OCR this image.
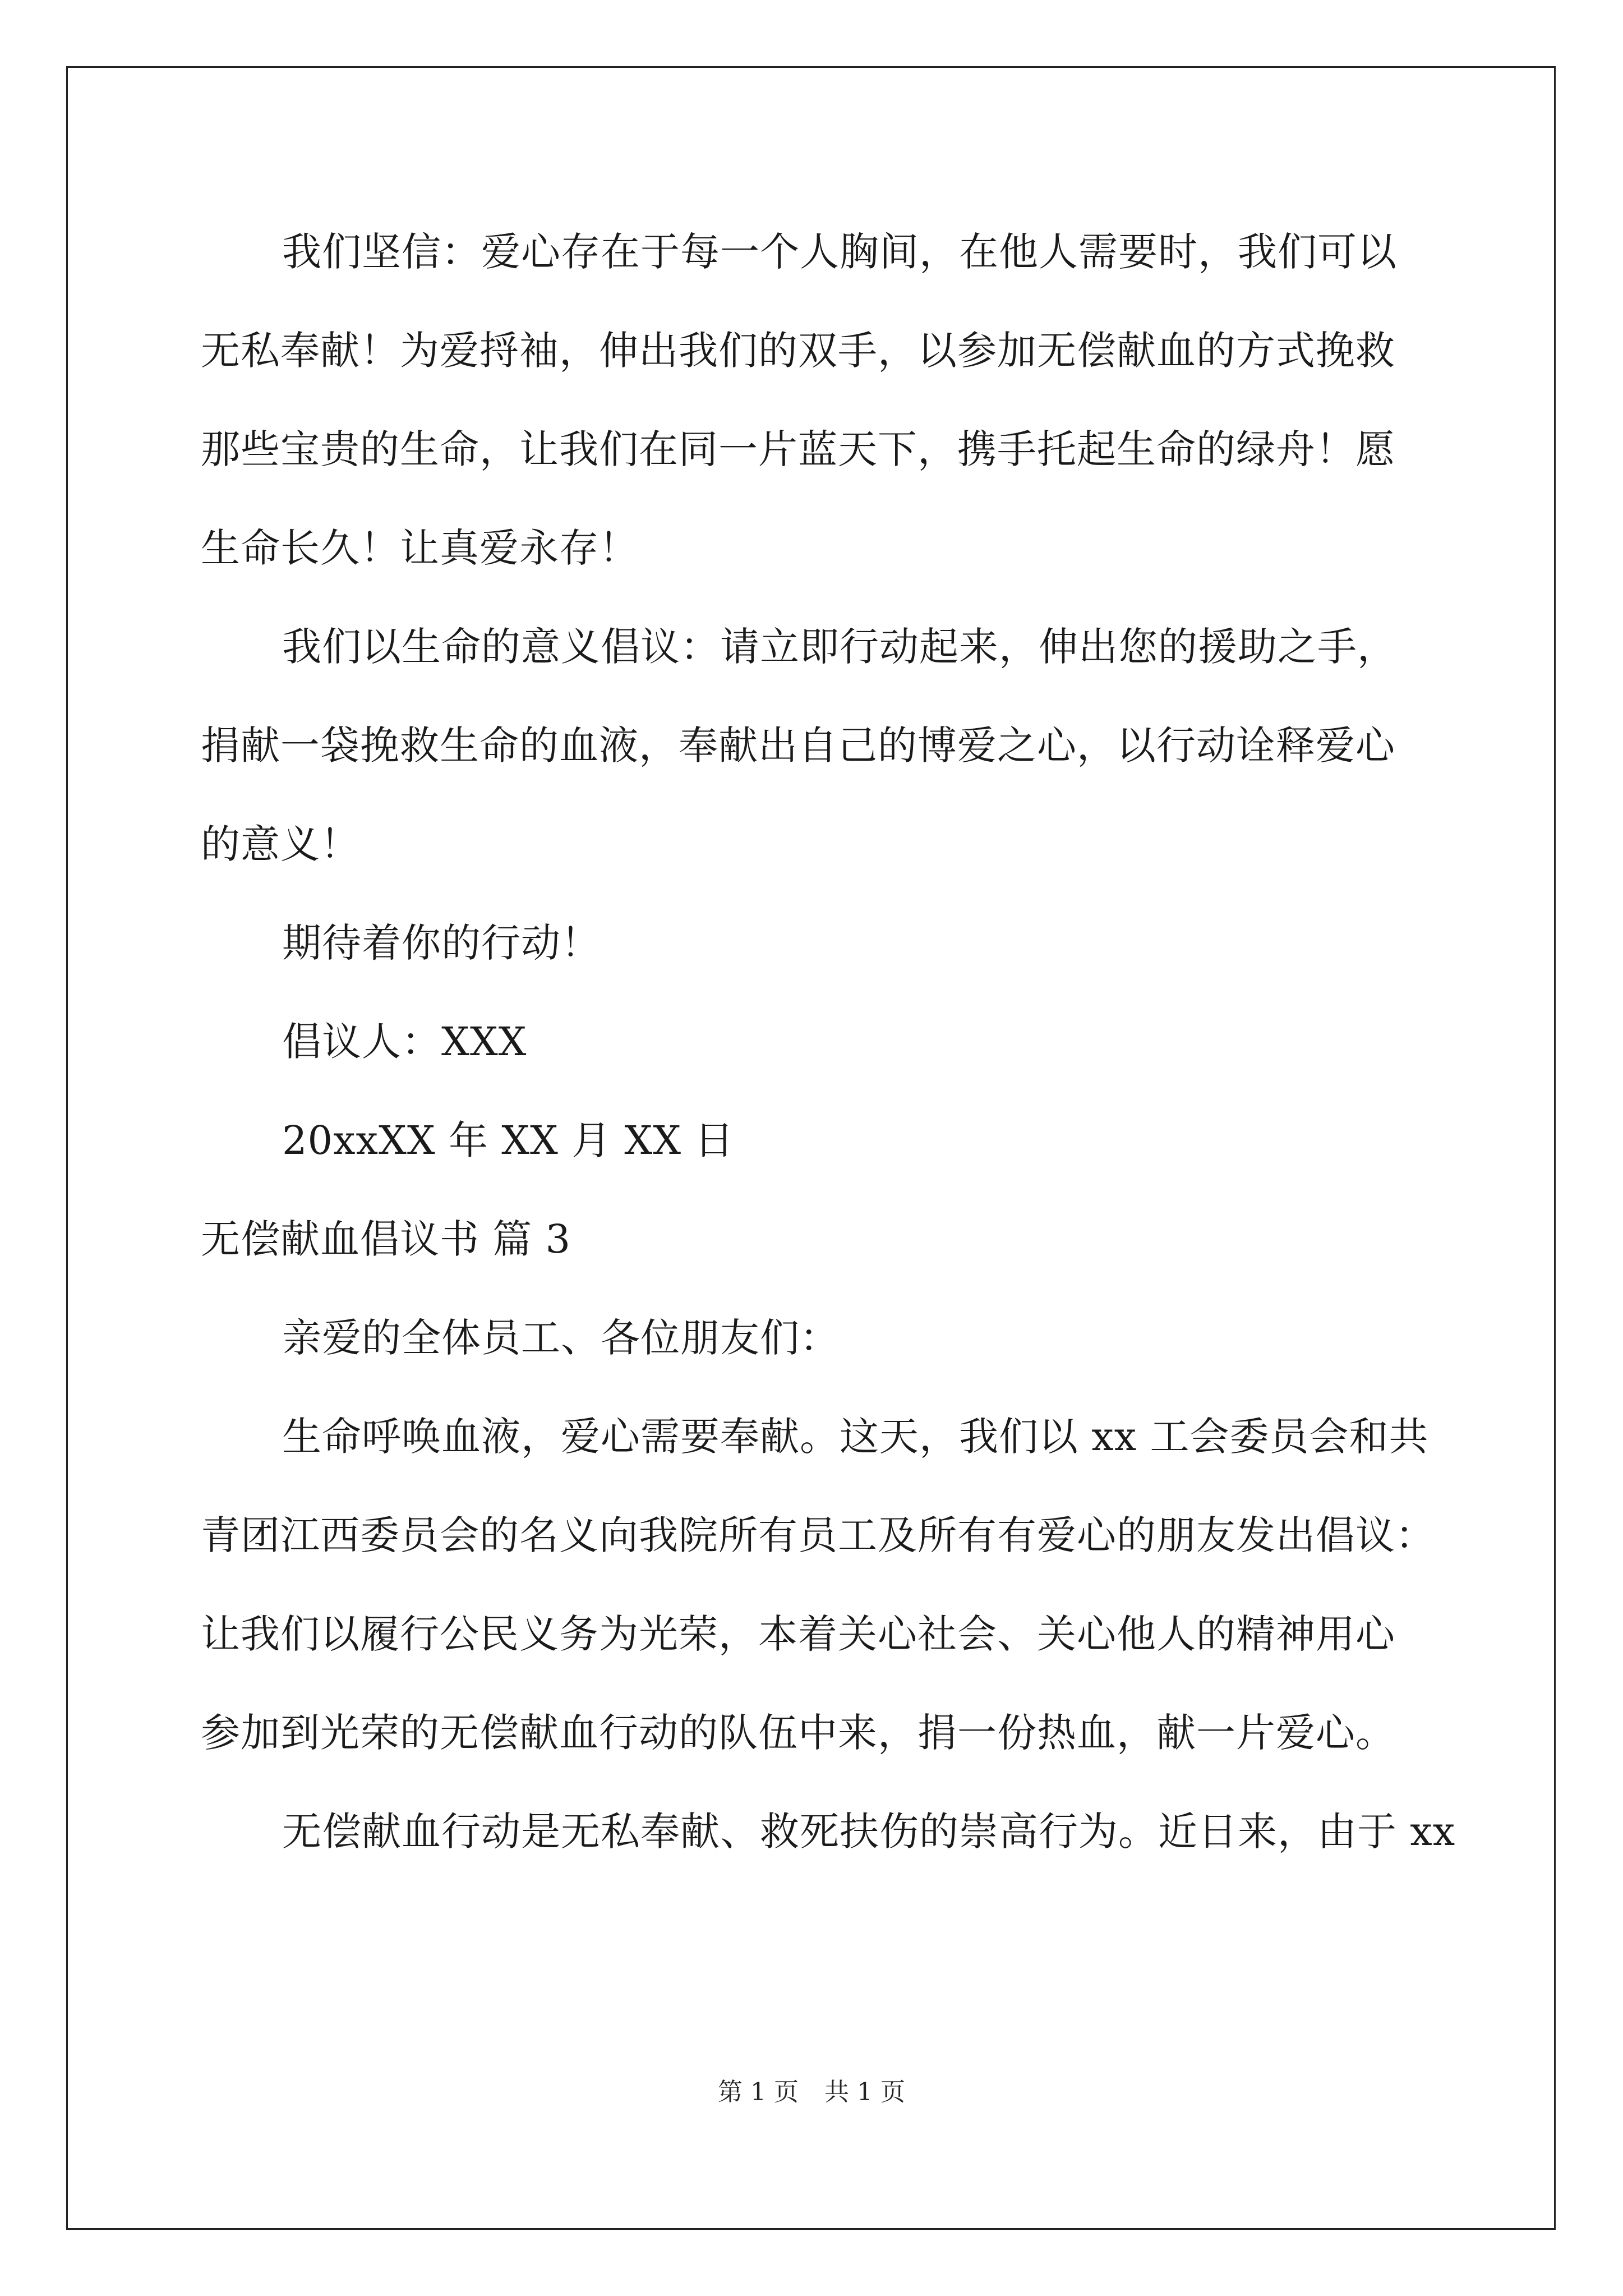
我们坚信：爱心存在于每一个人胸间，在他人需要时，我们可以

无私奉献！为爱捋袖，伸出我们的双手，以参加无偿献血的方式挽救

那些宝贵的生命，让我们在同一片蓝天下，携手托起生命的绿舟！愿

生命长久！让真爱永存！

我们以生命的意义倡议：请立即行动起来，伸出您的援助之手，

捐献一袋挽救生命的血液，奉献出自己的博爱之心，以行动诠释爱心

的意义！

期待着你的行动！

倡议人：XXX

20xxXX 年 XX 月 XX 日

无偿献血倡议书 篇 3

亲爱的全体员工、各位朋友们：

生命呼唤血液，爱心需要奉献。这天，我们以 xx 工会委员会和共

青团江西委员会的名义向我院所有员工及所有有爱心的朋友发出倡议：

让我们以履行公民义务为光荣，本着关心社会、关心他人的精神用心

参加到光荣的无偿献血行动的队伍中来，捐一份热血，献一片爱心。

无偿献血行动是无私奉献、救死扶伤的崇高行为。近日来，由于 xx

第 1 页 共 1 页
